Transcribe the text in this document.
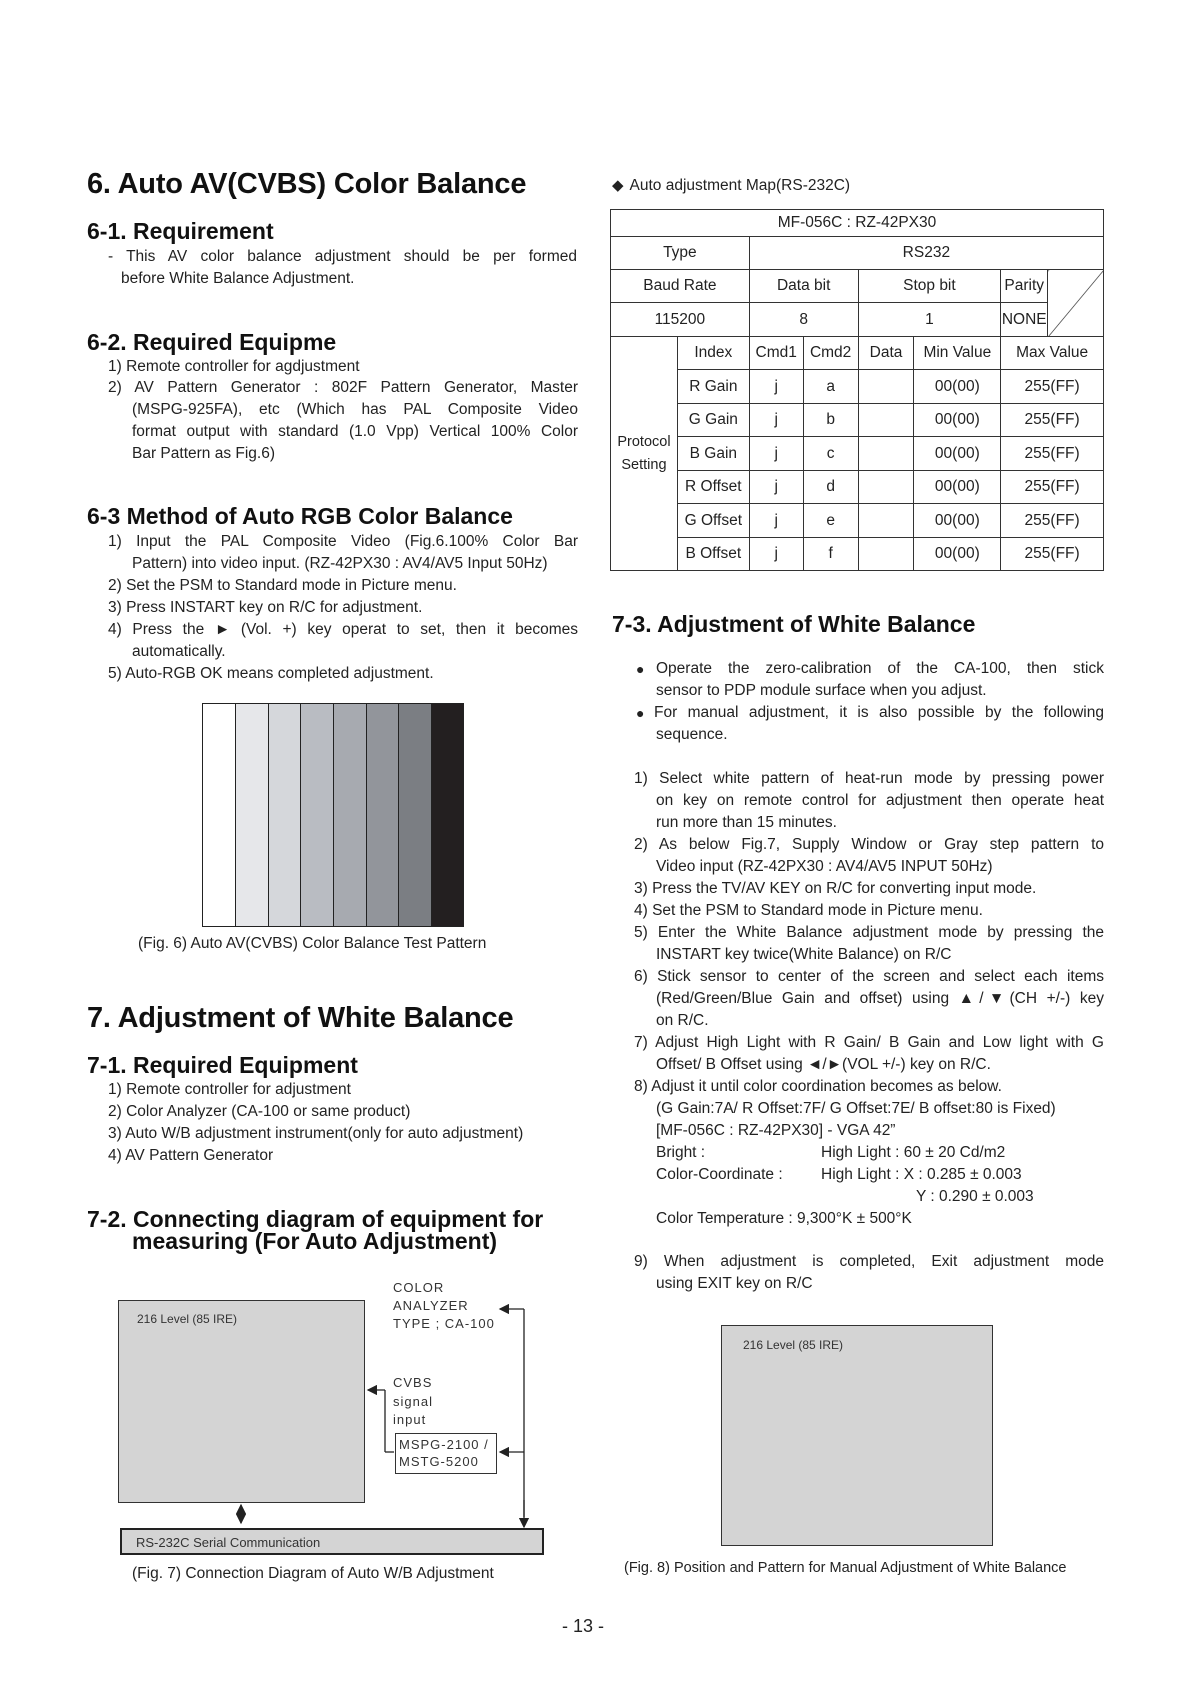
6. Auto AV(CVBS) Color Balance
6-1. Requirement
- This AV color balance adjustment should be per formed
before White Balance Adjustment.
6-2. Required Equipme
1) Remote controller for agdjustment
2) AV Pattern Generator : 802F Pattern Generator, Master
(MSPG-925FA), etc (Which has PAL Composite Video
format output with standard (1.0 Vpp) Vertical 100% Color
Bar Pattern as Fig.6)
6-3 Method of Auto RGB Color Balance
1) Input the PAL Composite Video (Fig.6.100% Color Bar
Pattern) into video input. (RZ-42PX30 : AV4/AV5 Input 50Hz)
2) Set the PSM to Standard mode in Picture menu.
3) Press INSTART key on R/C for adjustment.
4) Press the ► (Vol. +) key operat to set, then it becomes
automatically.
5) Auto-RGB OK means completed adjustment.
(Fig. 6) Auto AV(CVBS) Color Balance Test Pattern
7. Adjustment of White Balance
7-1. Required Equipment
1) Remote controller for adjustment
2) Color Analyzer (CA-100 or same product)
3) Auto W/B adjustment instrument(only for auto adjustment)
4) AV Pattern Generator
7-2. Connecting diagram of equipment for
measuring (For Auto Adjustment)
216 Level (85 IRE)
COLOR
ANALYZER
TYPE ; CA-100
CVBS
signal
input
MSPG-2100 /
MSTG-5200
RS-232C Serial Communication
(Fig. 7) Connection Diagram of Auto W/B Adjustment
◆ Auto adjustment Map(RS-232C)
MF-056C : RZ-42PX30							
Type		RS232					
Baud Rate		Data bit		Stop bit		Parity	
115200		8		1		NONE	

Protocol
Setting	Index	Cmd1	Cmd2	Data	Min Value	Max Value	
	R Gain	j	a		00(00)	255(FF)	
	G Gain	j	b		00(00)	255(FF)	
	B Gain	j	c		00(00)	255(FF)	
	R Offset	j	d		00(00)	255(FF)	
	G Offset	j	e		00(00)	255(FF)	
	B Offset	j	f		00(00)	255(FF)	
7-3. Adjustment of White Balance
● Operate the zero-calibration of the CA-100, then stick
sensor to PDP module surface when you adjust.
● For manual adjustment, it is also possible by the following
sequence.
1) Select white pattern of heat-run mode by pressing power
on key on remote control for adjustment then operate heat
run more than 15 minutes.
2) As below Fig.7, Supply Window or Gray step pattern to
Video input (RZ-42PX30 : AV4/AV5 INPUT 50Hz)
3) Press the TV/AV KEY on R/C for converting input mode.
4) Set the PSM to Standard mode in Picture menu.
5) Enter the White Balance adjustment mode by pressing the
INSTART key twice(White Balance) on R/C
6) Stick sensor to center of the screen and select each items
(Red/Green/Blue Gain and offset) using ▲/▼(CH +/-) key
on R/C.
7) Adjust High Light with R Gain/ B Gain and Low light with G
Offset/ B Offset using ◄/►(VOL +/-) key on R/C.
8) Adjust it until color coordination becomes as below.
(G Gain:7A/ R Offset:7F/ G Offset:7E/ B offset:80 is Fixed)
[MF-056C : RZ-42PX30] - VGA 42”
Bright :	High Light : 60 ± 20 Cd/m2
Color-Coordinate : High Light : X : 0.285 ± 0.003
Y : 0.290 ± 0.003
Color Temperature : 9,300°K ± 500°K
9) When adjustment is completed, Exit adjustment mode
using EXIT key on R/C
216 Level (85 IRE)
(Fig. 8) Position and Pattern for Manual Adjustment of White Balance
- 13 -
